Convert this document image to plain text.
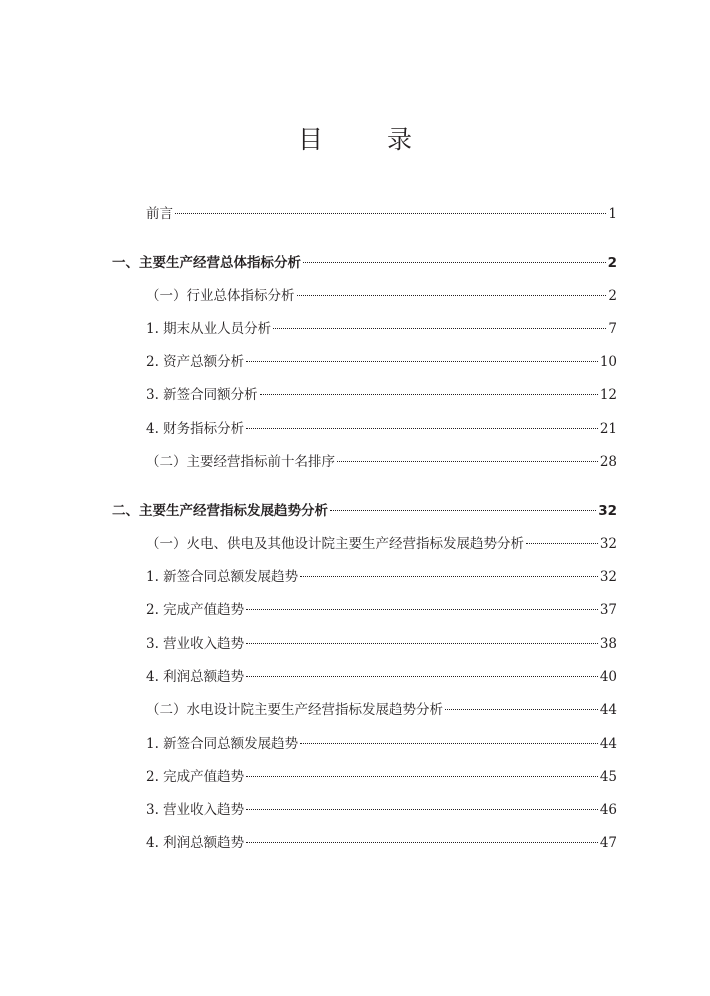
目 录
前言	1
一、主要生产经营总体指标分析	2
（一）行业总体指标分析	2
1. 期末从业人员分析	7
2. 资产总额分析	10
3. 新签合同额分析	12
4. 财务指标分析	21
（二）主要经营指标前十名排序	28
二、主要生产经营指标发展趋势分析	32
（一）火电、供电及其他设计院主要生产经营指标发展趋势分析	32
1. 新签合同总额发展趋势	32
2. 完成产值趋势	37
3. 营业收入趋势	38
4. 利润总额趋势	40
（二）水电设计院主要生产经营指标发展趋势分析	44
1. 新签合同总额发展趋势	44
2. 完成产值趋势	45
3. 营业收入趋势	46
4. 利润总额趋势	47
